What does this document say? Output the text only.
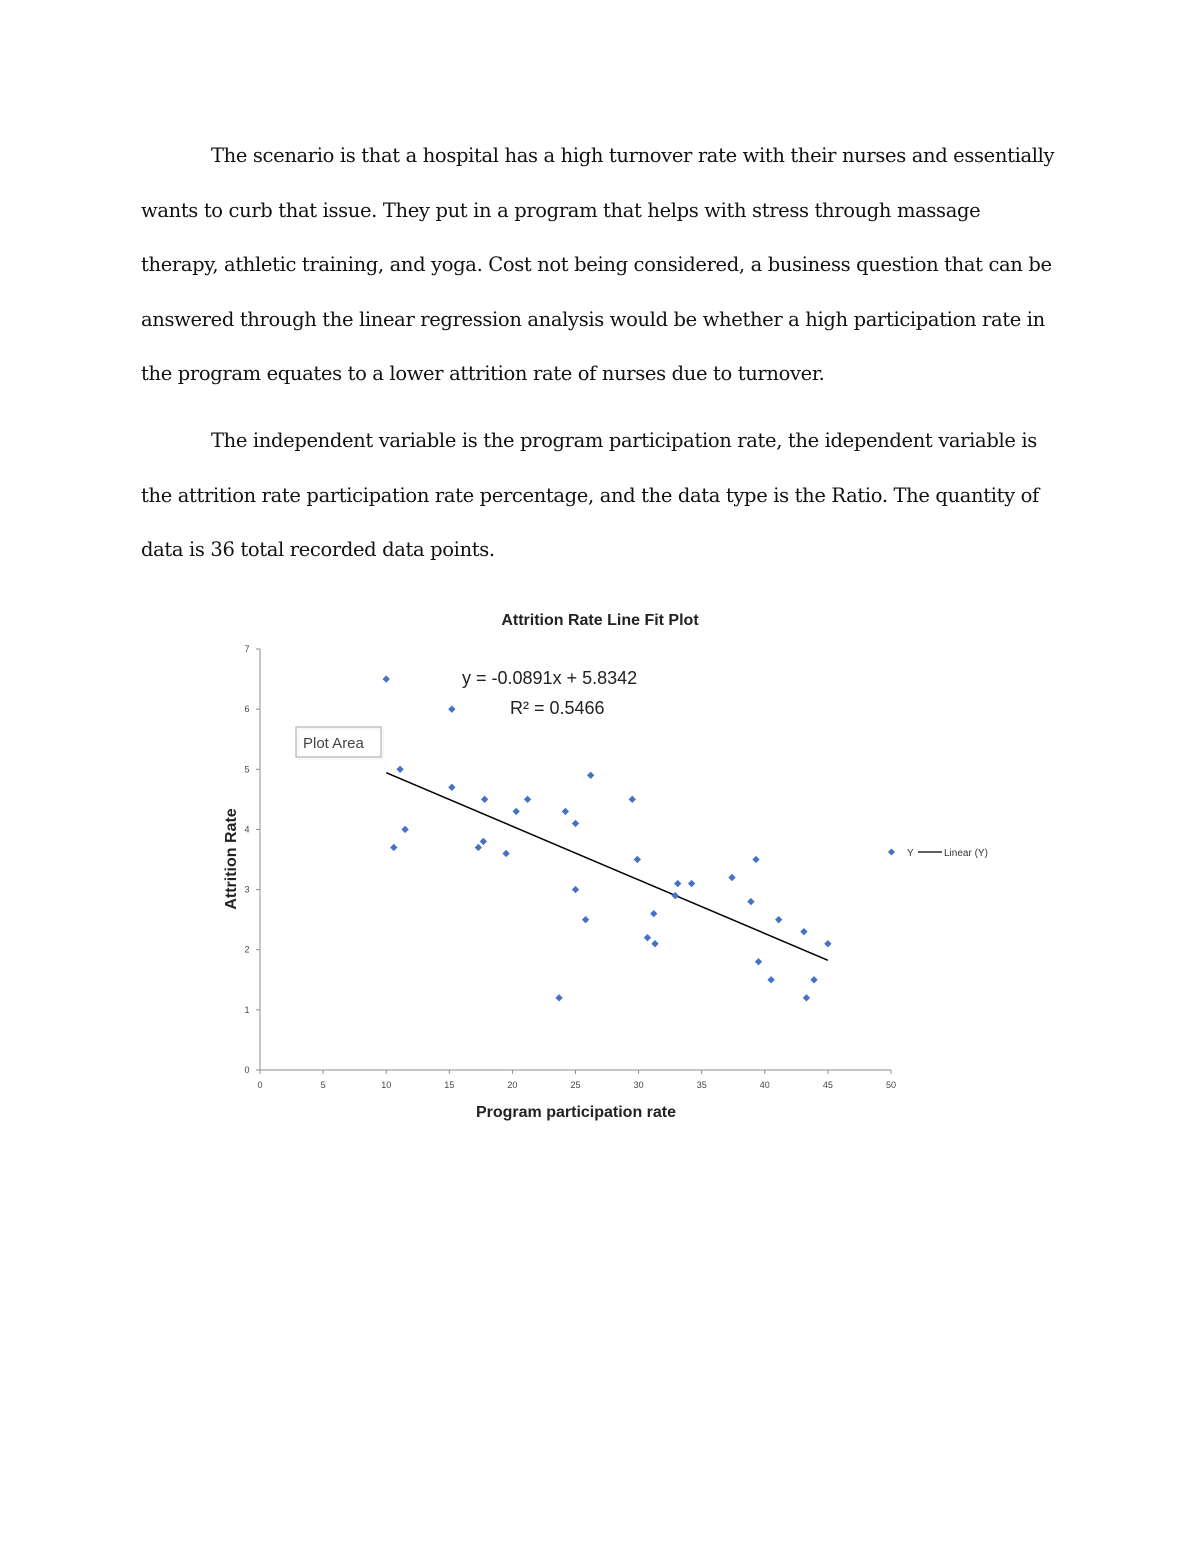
The scenario is that a hospital has a high turnover rate with their nurses and essentially wants to curb that issue. They put in a program that helps with stress through massage therapy, athletic training, and yoga. Cost not being considered, a business question that can be answered through the linear regression analysis would be whether a high participation rate in the program equates to a lower attrition rate of nurses due to turnover.

The independent variable is the program participation rate, the idependent variable is the attrition rate participation rate percentage, and the data type is the Ratio. The quantity of data is 36 total recorded data points.

Attrition Rate Line Fit Plot
0
1
2
3
4
5
6
7
0	5	10	15	20	25	30	35	40	45	50
Attrition Rate
Program participation rate
y = -0.0891x + 5.8342
R² = 0.5466
Plot Area
Y	Linear (Y)
